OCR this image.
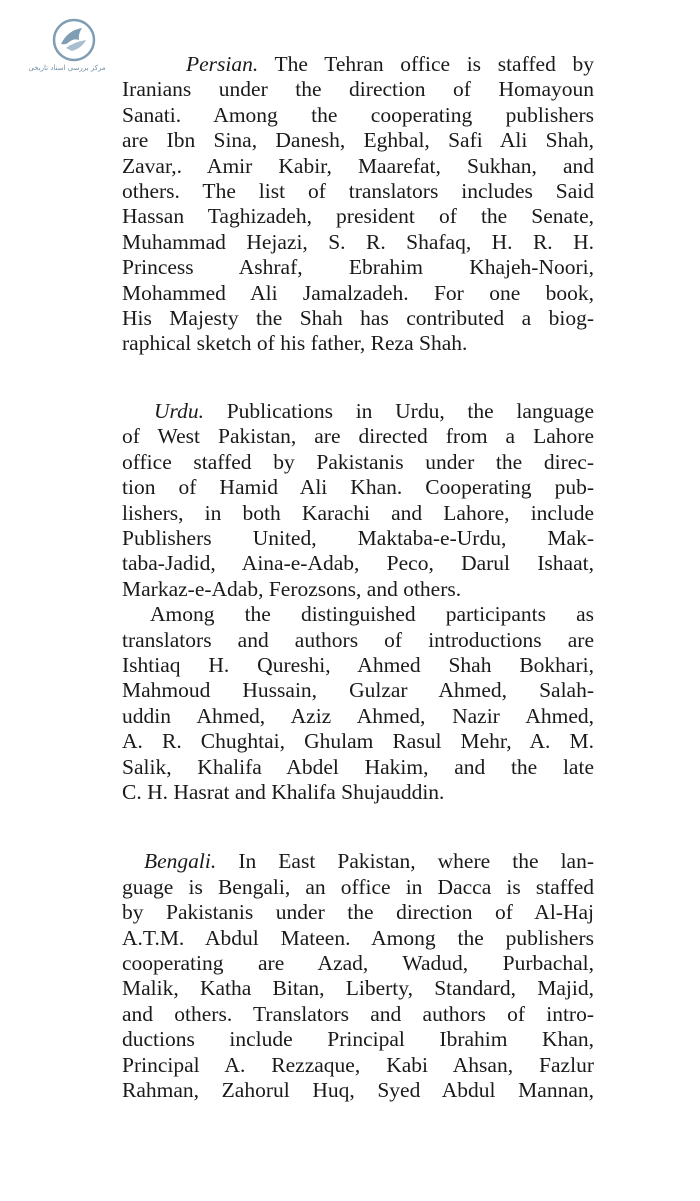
مرکز بررسی اسناد تاریخی	Persian. The Tehran office is staffed by
Iranians under the direction of Homayoun
Sanati. Among the cooperating publishers
are Ibn Sina, Danesh, Eghbal, Safi Ali Shah,
Zavar,. Amir Kabir, Maarefat, Sukhan, and
others. The list of translators includes Said
Hassan Taghizadeh, president of the Senate,
Muhammad Hejazi, S. R. Shafaq, H. R. H.
Princess Ashraf, Ebrahim Khajeh-Noori,
Mohammed Ali Jamalzadeh. For one book,
His Majesty the Shah has contributed a biog-
raphical sketch of his father, Reza Shah.

Urdu. Publications in Urdu, the language
of West Pakistan, are directed from a Lahore
office staffed by Pakistanis under the direc-
tion of Hamid Ali Khan. Cooperating pub-
lishers, in both Karachi and Lahore, include
Publishers United, Maktaba-e-Urdu, Mak-
taba-Jadid, Aina-e-Adab, Peco, Darul Ishaat,
Markaz-e-Adab, Ferozsons, and others.

Among the distinguished participants as
translators and authors of introductions are
Ishtiaq H. Qureshi, Ahmed Shah Bokhari,
Mahmoud Hussain, Gulzar Ahmed, Salah-
uddin Ahmed, Aziz Ahmed, Nazir Ahmed,
A. R. Chughtai, Ghulam Rasul Mehr, A. M.
Salik, Khalifa Abdel Hakim, and the late
C. H. Hasrat and Khalifa Shujauddin.

Bengali. In East Pakistan, where the lan-
guage is Bengali, an office in Dacca is staffed
by Pakistanis under the direction of Al-Haj
A.T.M. Abdul Mateen. Among the publishers
cooperating are Azad, Wadud, Purbachal,
Malik, Katha Bitan, Liberty, Standard, Majid,
and others. Translators and authors of intro-
ductions include Principal Ibrahim Khan,
Principal A. Rezzaque, Kabi Ahsan, Fazlur
Rahman, Zahorul Huq, Syed Abdul Mannan,
